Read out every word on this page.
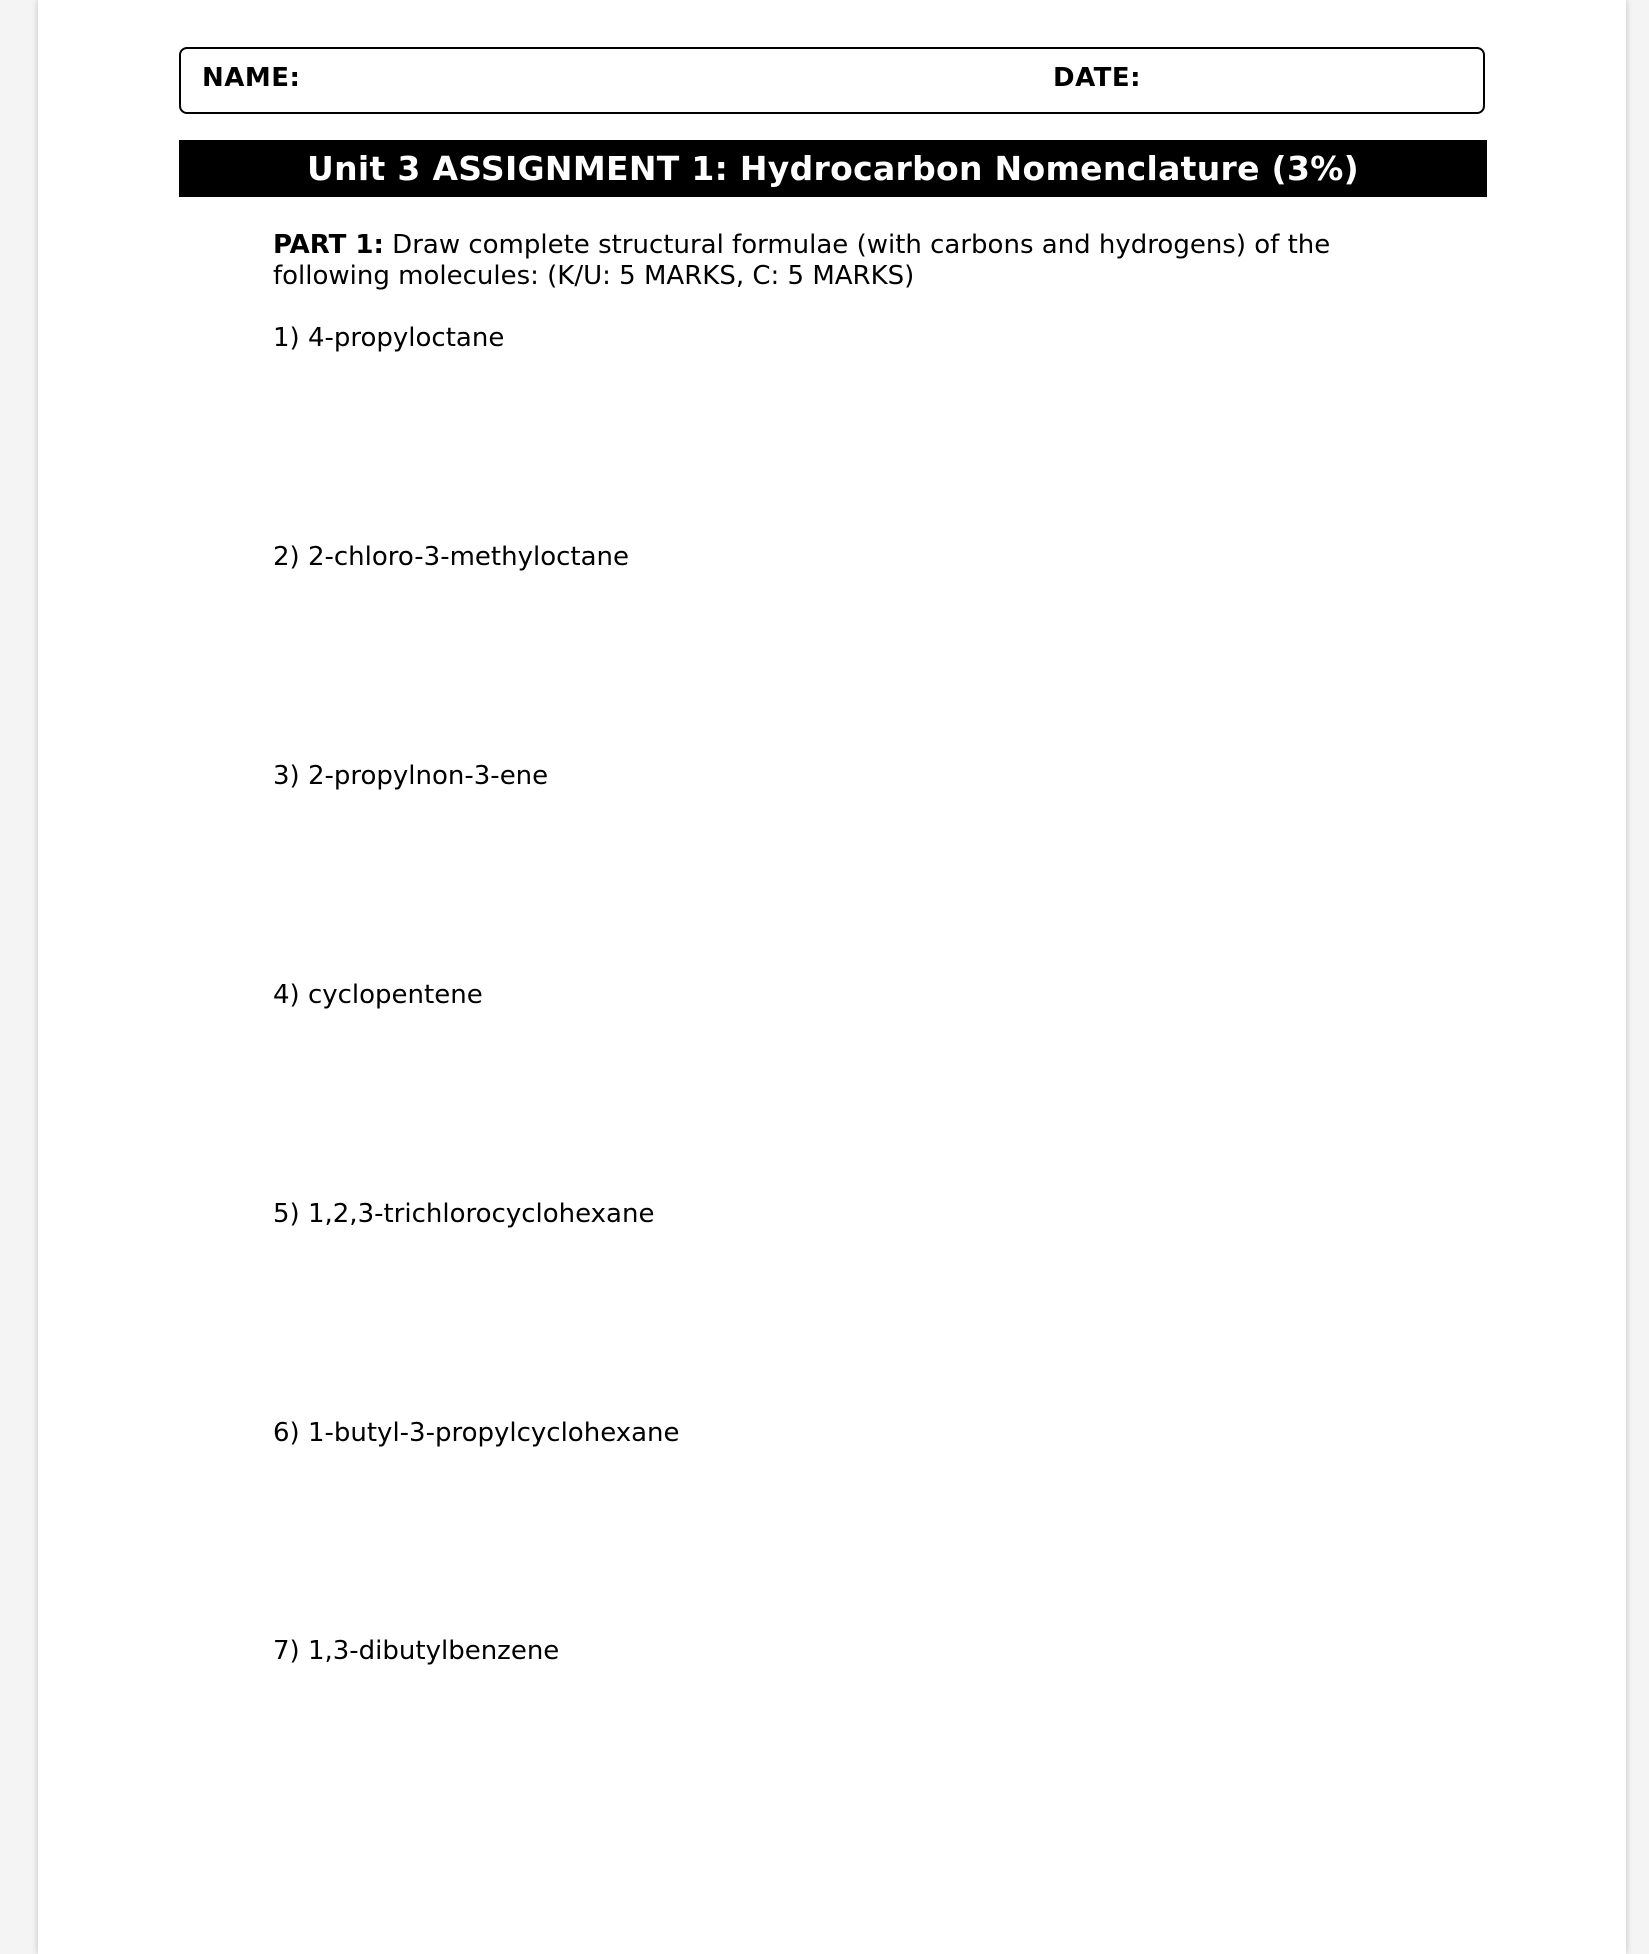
NAME:	DATE:
Unit 3 ASSIGNMENT 1: Hydrocarbon Nomenclature (3%)
PART 1: Draw complete structural formulae (with carbons and hydrogens) of the following molecules: (K/U: 5 MARKS, C: 5 MARKS)
1) 4-propyloctane
2) 2-chloro-3-methyloctane
3) 2-propylnon-3-ene
4) cyclopentene
5) 1,2,3-trichlorocyclohexane
6) 1-butyl-3-propylcyclohexane
7) 1,3-dibutylbenzene
